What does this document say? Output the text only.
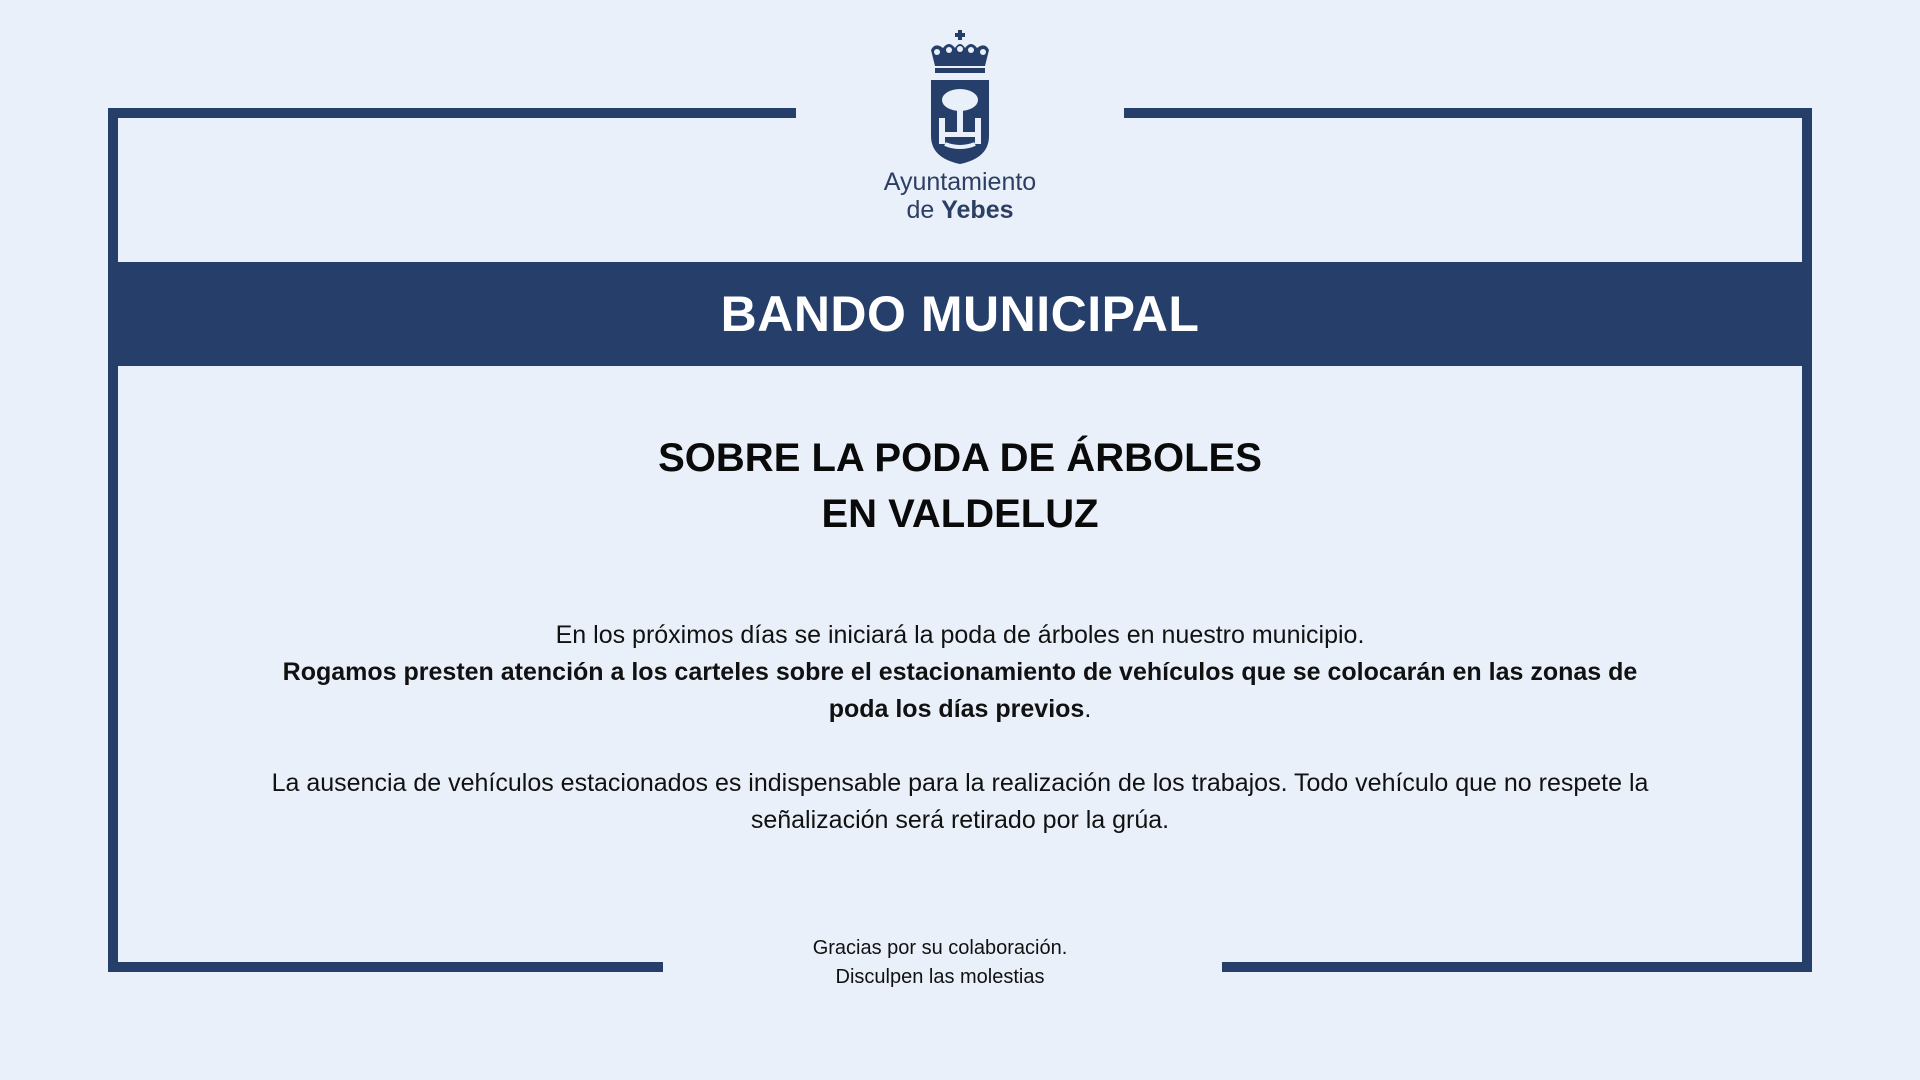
Ayuntamiento
de Yebes
BANDO MUNICIPAL
SOBRE LA PODA DE ÁRBOLES
EN VALDELUZ

En los próximos días se iniciará la poda de árboles en nuestro municipio.

Rogamos presten atención a los carteles sobre el estacionamiento de vehículos que se colocarán en las zonas de poda los días previos.

La ausencia de vehículos estacionados es indispensable para la realización de los trabajos. Todo vehículo que no respete la señalización será retirado por la grúa.

Gracias por su colaboración.

Disculpen las molestias
